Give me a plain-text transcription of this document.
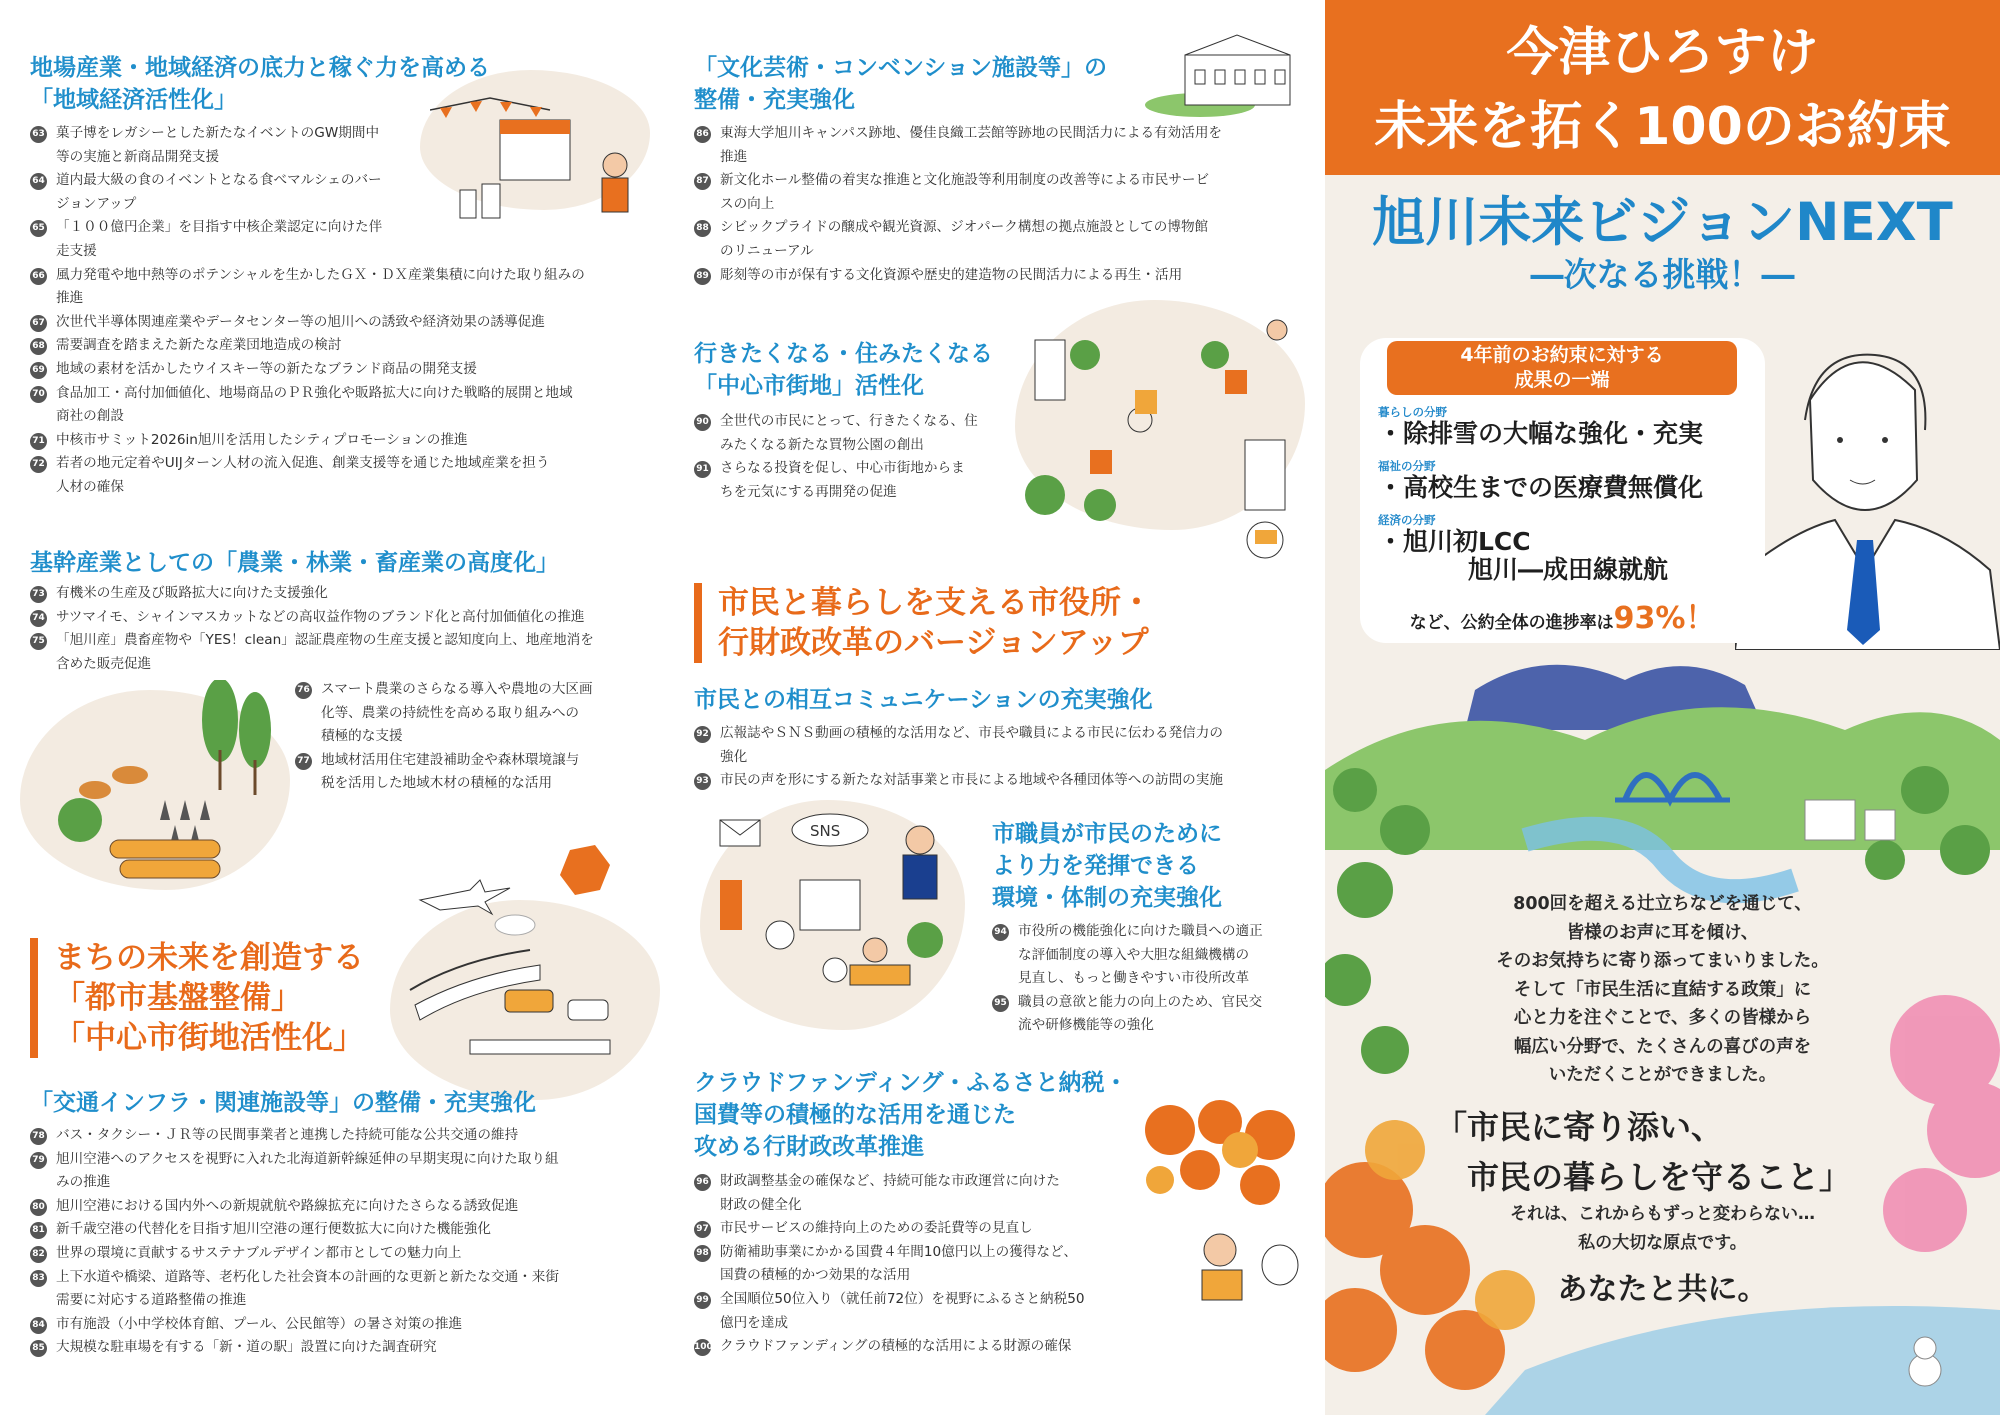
地場産業・地域経済の底力と稼ぐ力を高める
「地域経済活性化」
63 菓子博をレガシーとした新たなイベントのGW期間中
等の実施と新商品開発支援
64 道内最大級の食のイベントとなる食べマルシェのバー
ジョンアップ
65 「１００億円企業」を目指す中核企業認定に向けた伴
走支援
66 風力発電や地中熱等のポテンシャルを生かしたＧＸ・ＤＸ産業集積に向けた取り組みの
推進
67 次世代半導体関連産業やデータセンター等の旭川への誘致や経済効果の誘導促進
68 需要調査を踏まえた新たな産業団地造成の検討
69 地域の素材を活かしたウイスキー等の新たなブランド商品の開発支援
70 食品加工・高付加価値化、地場商品のＰＲ強化や販路拡大に向けた戦略的展開と地域
商社の創設
71 中核市サミット2026in旭川を活用したシティプロモーションの推進
72 若者の地元定着やUIJターン人材の流入促進、創業支援等を通じた地域産業を担う
人材の確保
基幹産業としての「農業・林業・畜産業の高度化」
73 有機米の生産及び販路拡大に向けた支援強化
74 サツマイモ、シャインマスカットなどの高収益作物のブランド化と高付加価値化の推進
75 「旭川産」農畜産物や「YES！clean」認証農産物の生産支援と認知度向上、地産地消を
含めた販売促進
76 スマート農業のさらなる導入や農地の大区画
化等、農業の持続性を高める取り組みへの
積極的な支援
77 地域材活用住宅建設補助金や森林環境譲与
税を活用した地域木材の積極的な活用
まちの未来を創造する
「都市基盤整備」
「中心市街地活性化」
「交通インフラ・関連施設等」の整備・充実強化
78 バス・タクシー・ＪＲ等の民間事業者と連携した持続可能な公共交通の維持
79 旭川空港へのアクセスを視野に入れた北海道新幹線延伸の早期実現に向けた取り組
みの推進
80 旭川空港における国内外への新規就航や路線拡充に向けたさらなる誘致促進
81 新千歳空港の代替化を目指す旭川空港の運行便数拡大に向けた機能強化
82 世界の環境に貢献するサステナブルデザイン都市としての魅力向上
83 上下水道や橋梁、道路等、老朽化した社会資本の計画的な更新と新たな交通・来街
需要に対応する道路整備の推進
84 市有施設（小中学校体育館、プール、公民館等）の暑さ対策の推進
85 大規模な駐車場を有する「新・道の駅」設置に向けた調査研究
「文化芸術・コンベンション施設等」の
整備・充実強化
86 東海大学旭川キャンパス跡地、優佳良織工芸館等跡地の民間活力による有効活用を
推進
87 新文化ホール整備の着実な推進と文化施設等利用制度の改善等による市民サービ
スの向上
88 シビックプライドの醸成や観光資源、ジオパーク構想の拠点施設としての博物館
のリニューアル
89 彫刻等の市が保有する文化資源や歴史的建造物の民間活力による再生・活用
行きたくなる・住みたくなる
「中心市街地」活性化
90 全世代の市民にとって、行きたくなる、住
みたくなる新たな買物公園の創出
91 さらなる投資を促し、中心市街地からま
ちを元気にする再開発の促進
市民と暮らしを支える市役所・
行財政改革のバージョンアップ
市民との相互コミュニケーションの充実強化
92 広報誌やＳＮＳ動画の積極的な活用など、市長や職員による市民に伝わる発信力の
強化
93 市民の声を形にする新たな対話事業と市長による地域や各種団体等への訪問の実施
SNS	市職員が市民のために
より力を発揮できる
環境・体制の充実強化
94 市役所の機能強化に向けた職員への適正
な評価制度の導入や大胆な組織機構の
見直し、もっと働きやすい市役所改革
95 職員の意欲と能力の向上のため、官民交
流や研修機能等の強化
クラウドファンディング・ふるさと納税・
国費等の積極的な活用を通じた
攻める行財政改革推進
96 財政調整基金の確保など、持続可能な市政運営に向けた
財政の健全化
97 市民サービスの維持向上のための委託費等の見直し
98 防衛補助事業にかかる国費４年間10億円以上の獲得など、
国費の積極的かつ効果的な活用
99 全国順位50位入り（就任前72位）を視野にふるさと納税50
億円を達成
100 クラウドファンディングの積極的な活用による財源の確保
今津ひろすけ
未来を拓く100のお約束
旭川未来ビジョンNEXT
―次なる挑戦！―
4年前のお約束に対する
成果の一端
暮らしの分野
・除排雪の大幅な強化・充実
福祉の分野
・高校生までの医療費無償化
経済の分野
・旭川初LCC
旭川―成田線就航
など、公約全体の進捗率は93%！
800回を超える辻立ちなどを通じて、
皆様のお声に耳を傾け、
そのお気持ちに寄り添ってまいりました。
そして「市民生活に直結する政策」に
心と力を注ぐことで、多くの皆様から
幅広い分野で、たくさんの喜びの声を
いただくことができました。
「市民に寄り添い、
　市民の暮らしを守ること」
それは、これからもずっと変わらない…
私の大切な原点です。
あなたと共に。
